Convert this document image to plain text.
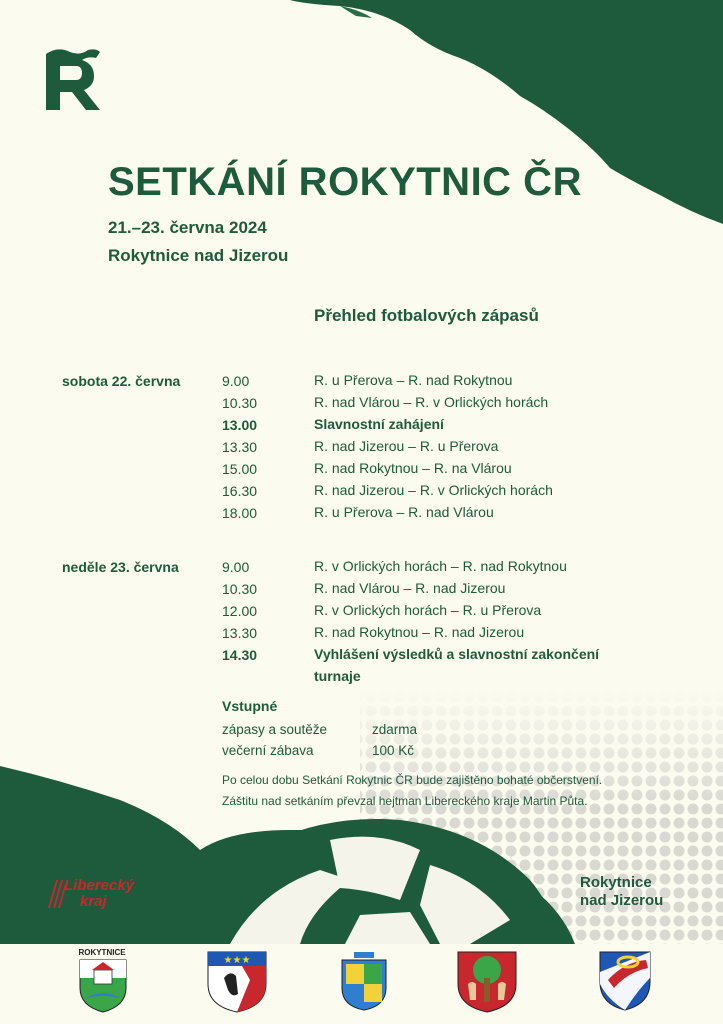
SETKÁNÍ ROKYTNIC ČR
21.–23. června 2024
Rokytnice nad Jizerou
Přehled fotbalových zápasů
sobota 22. června	9.00	R. u Přerova – R. nad Rokytnou
10.30	R. nad Vlárou – R. v Orlických horách
13.00	Slavnostní zahájení
13.30	R. nad Jizerou – R. u Přerova
15.00	R. nad Rokytnou – R. na Vlárou
16.30	R. nad Jizerou – R. v Orlických horách
18.00	R. u Přerova – R. nad Vlárou
neděle 23. června	9.00	R. v Orlických horách – R. nad Rokytnou
10.30	R. nad Vlárou – R. nad Jizerou
12.00	R. v Orlických horách – R. u Přerova
13.30	R. nad Rokytnou – R. nad Jizerou
14.30	Vyhlášení výsledků a slavnostní zakončení turnaje
Vstupné
zápasy a soutěže	zdarma
večerní zábava	100 Kč
Po celou dobu Setkání Rokytnic ČR bude zajištěno bohaté občerstvení.
Záštitu nad setkáním převzal hejtman Libereckého kraje Martin Půta.
Liberecký
kraj
Rokytnice
nad Jizerou
ROKYTNICE
★★★
